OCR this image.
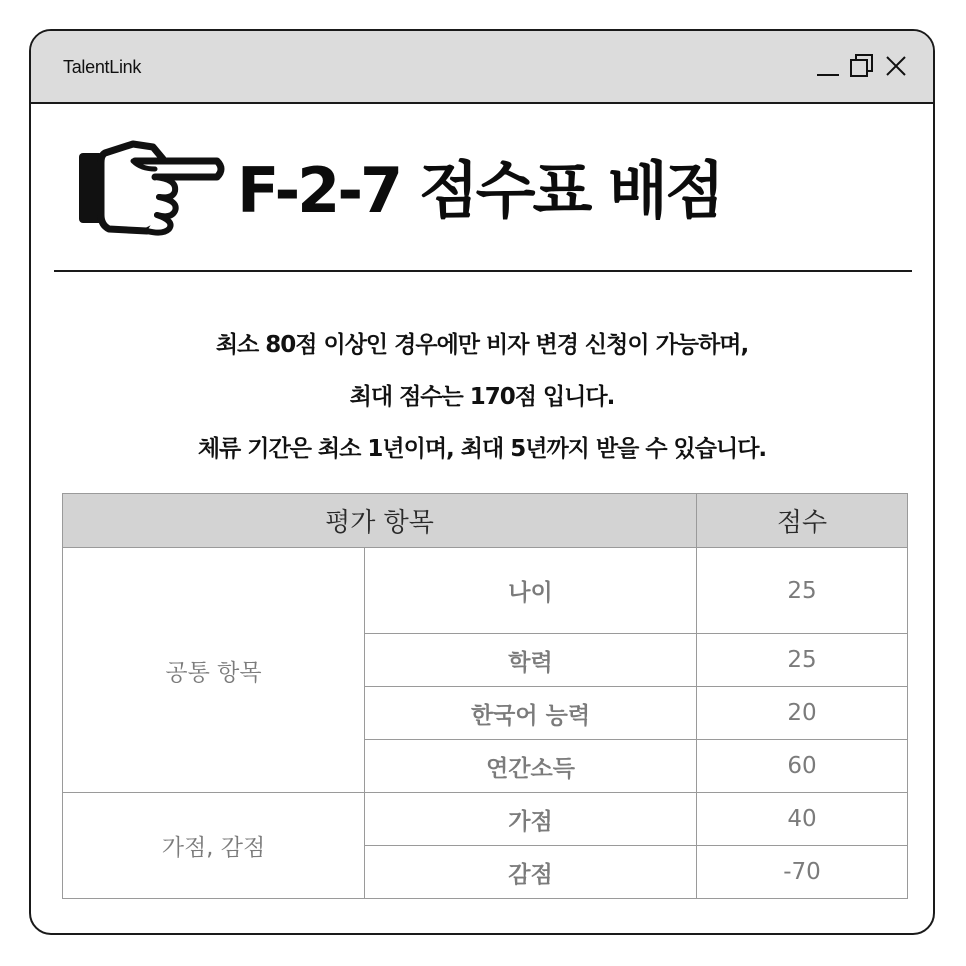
TalentLink
F-2-7 점수표 배점
최소 80점 이상인 경우에만 비자 변경 신청이 가능하며,
최대 점수는 170점 입니다.
체류 기간은 최소 1년이며, 최대 5년까지 받을 수 있습니다.
평가 항목		점수
공통 항목	나이	25
	학력	25
	한국어 능력	20
	연간소득	60
가점, 감점	가점	40
	감점	-70
